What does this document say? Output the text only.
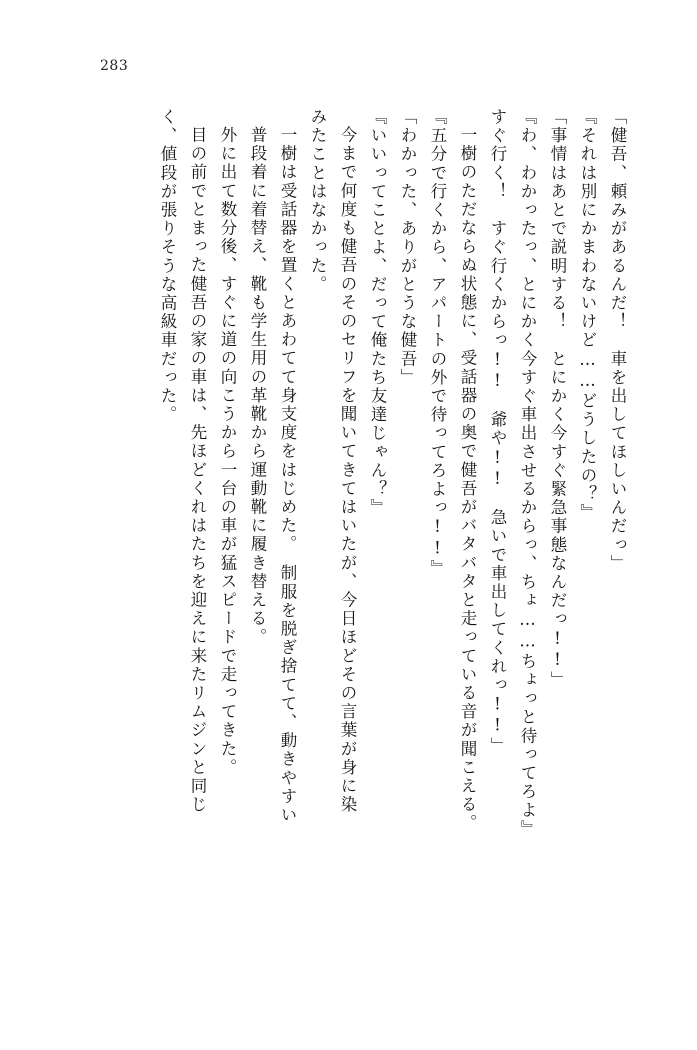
283
「健吾、頼みがあるんだ！　車を出してほしいんだっ」
『それは別にかまわないけど……どうしたの？』
「事情はあとで説明する！　とにかく今すぐ緊急事態なんだっ!!」
『わ、わかったっ、とにかく今すぐ車出させるからっ、ちょ……ちょっと待ってろよ』
すぐ行く！　すぐ行くからっ!!　爺や!!　急いで車出してくれっ!!」
一樹のただならぬ状態に、受話器の奥で健吾がバタバタと走っている音が聞こえる。
『五分で行くから、アパートの外で待ってろよっ!!』
「わかった、ありがとうな健吾」
『いいってことよ、だって俺たち友達じゃん？』
今まで何度も健吾のそのセリフを聞いてきてはいたが、今日ほどその言葉が身に染
みたことはなかった。
一樹は受話器を置くとあわてて身支度をはじめた。　制服を脱ぎ捨てて、動きやすい
普段着に着替え、靴も学生用の革靴から運動靴に履き替える。
外に出て数分後、すぐに道の向こうから一台の車が猛スピードで走ってきた。
目の前でとまった健吾の家の車は、先ほどくれはたちを迎えに来たリムジンと同じ
く、値段が張りそうな高級車だった。
